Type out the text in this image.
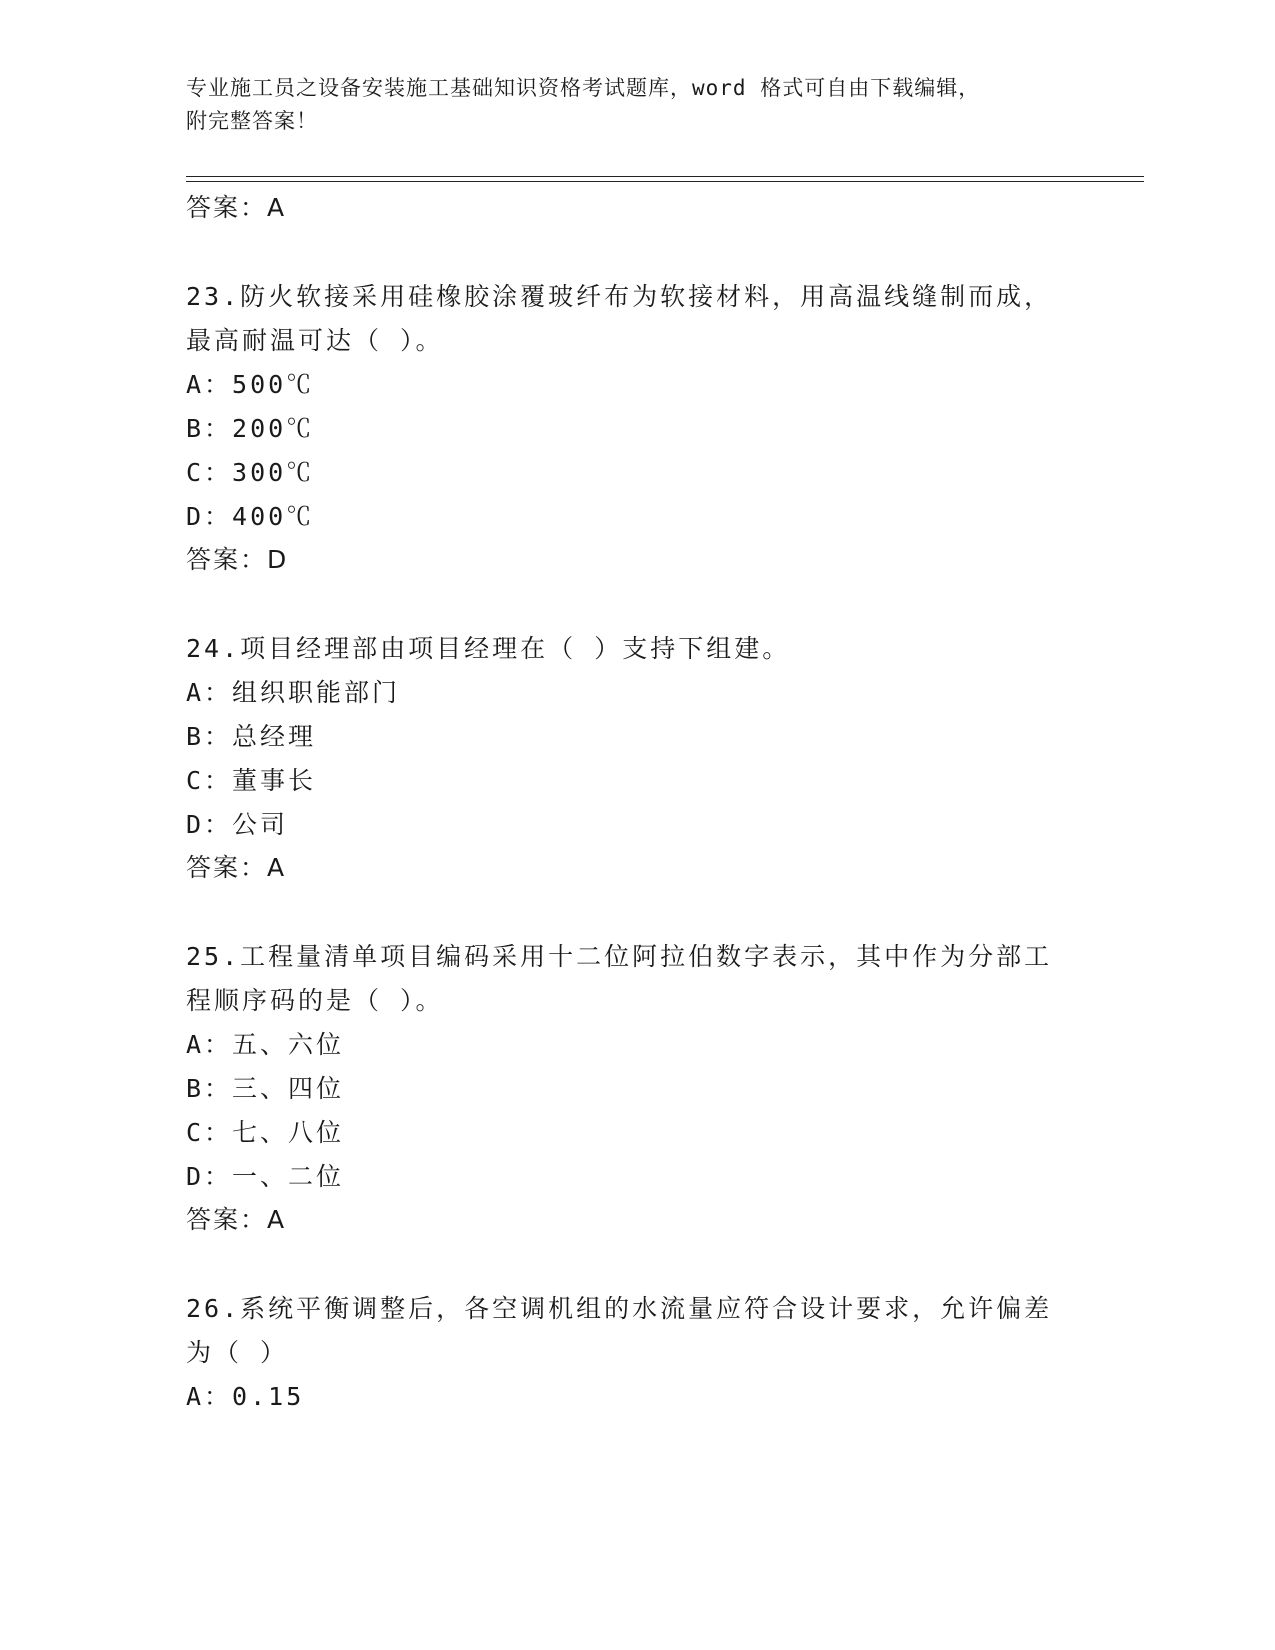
专业施工员之设备安装施工基础知识资格考试题库，word 格式可自由下载编辑，
附完整答案！
答案：A
23.防火软接采用硅橡胶涂覆玻纤布为软接材料，用高温线缝制而成，
最高耐温可达（ ）。
A：500℃
B：200℃
C：300℃
D：400℃
答案：D
24.项目经理部由项目经理在（ ）支持下组建。
A：组织职能部门
B：总经理
C：董事长
D：公司
答案：A
25.工程量清单项目编码采用十二位阿拉伯数字表示，其中作为分部工
程顺序码的是（ ）。
A：五、六位
B：三、四位
C：七、八位
D：一、二位
答案：A
26.系统平衡调整后，各空调机组的水流量应符合设计要求，允许偏差
为（ ）
A：0.15
